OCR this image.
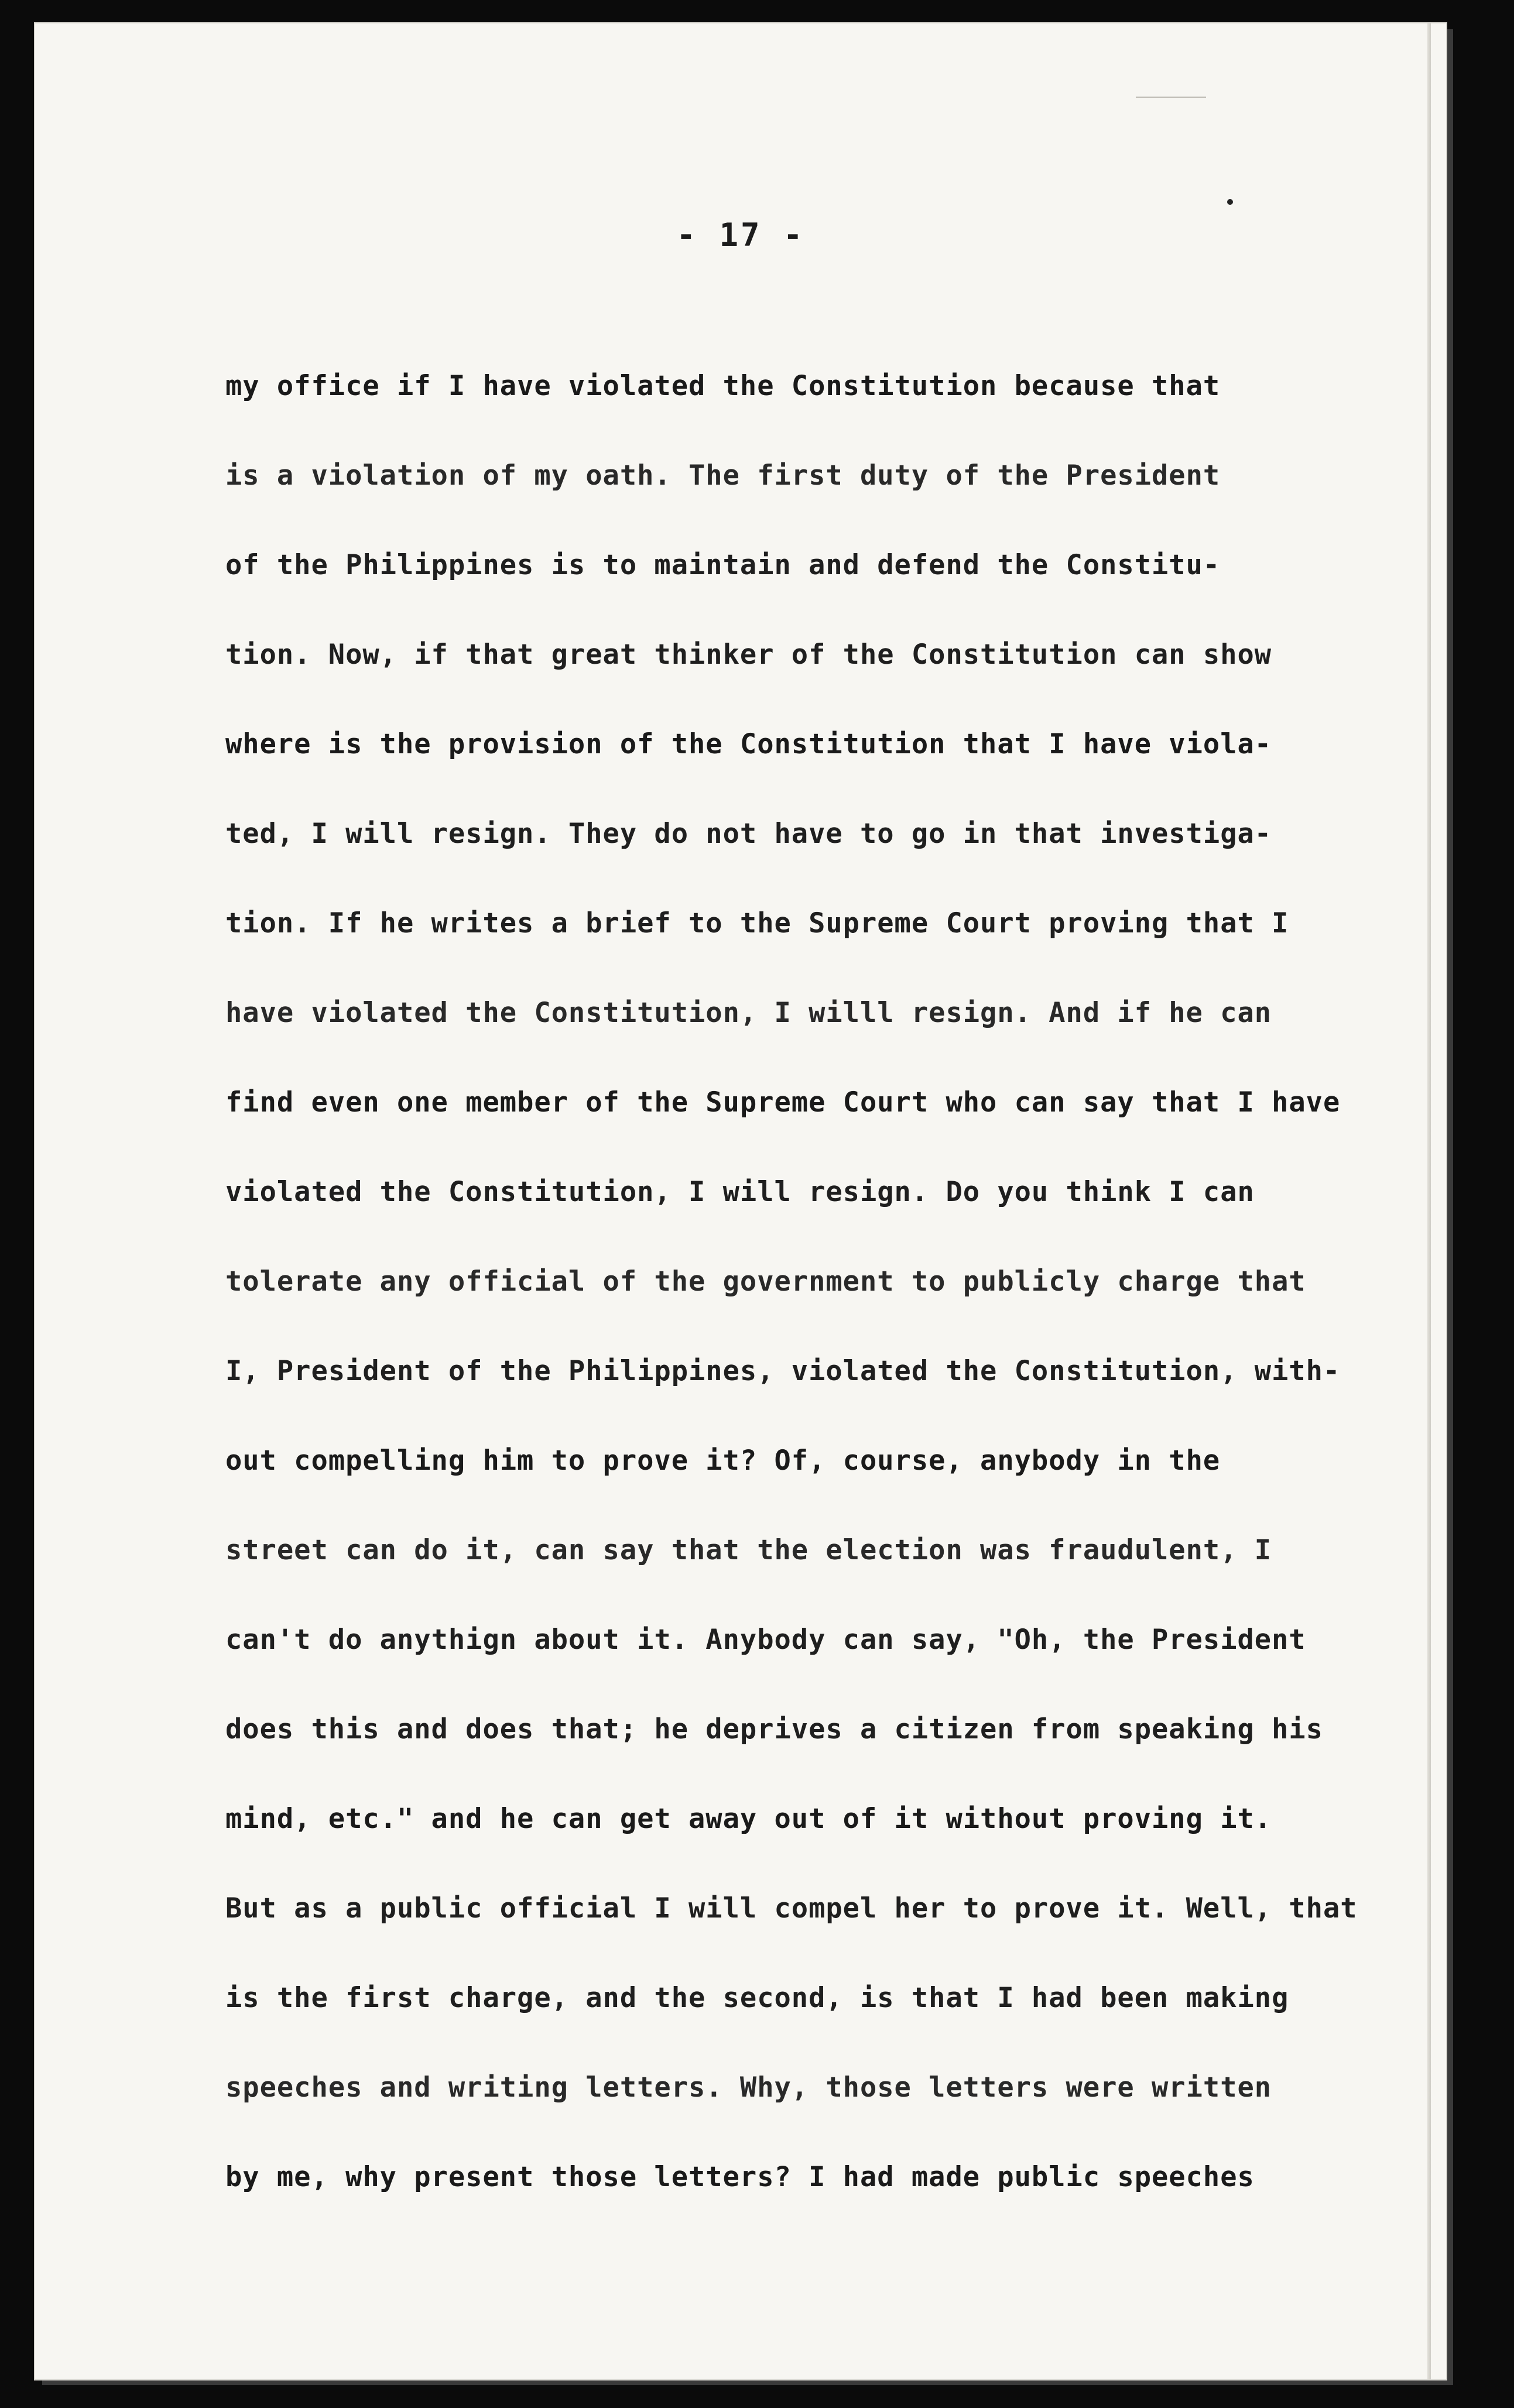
- 17 -
my office if I have violated the Constitution because that
is a violation of my oath. The first duty of the President
of the Philippines is to maintain and defend the Constitu-
tion. Now, if that great thinker of the Constitution can show
where is the provision of the Constitution that I have viola-
ted, I will resign. They do not have to go in that investiga-
tion. If he writes a brief to the Supreme Court proving that I
have violated the Constitution, I willl resign. And if he can
find even one member of the Supreme Court who can say that I have
violated the Constitution, I will resign. Do you think I can
tolerate any official of the government to publicly charge that
I, President of the Philippines, violated the Constitution, with-
out compelling him to prove it? Of, course, anybody in the
street can do it, can say that the election was fraudulent, I
can't do anythign about it. Anybody can say, "Oh, the President
does this and does that; he deprives a citizen from speaking his
mind, etc." and he can get away out of it without proving it.
But as a public official I will compel her to prove it. Well, that
is the first charge, and the second, is that I had been making
speeches and writing letters. Why, those letters were written
by me, why present those letters? I had made public speeches
